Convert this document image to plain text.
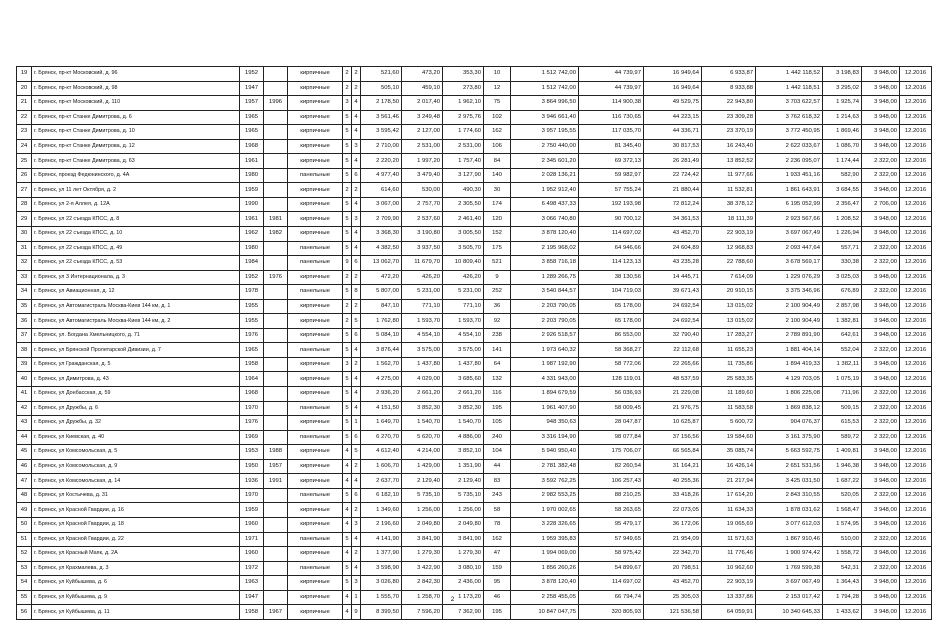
19	г. Брянск, пр-кт Московский, д. 96	1952		кирпичные	2	2	521,60	473,20	353,30	10	1 512 742,00	44 739,97	16 949,64	6 933,87	1 442 118,52	3 198,83	3 948,00	12.2016
20	г. Брянск, пр-кт Московский, д. 98	1947		кирпичные	2	2	505,10	459,10	273,80	12	1 512 742,00	44 739,97	16 949,64	8 933,88	1 442 118,51	3 295,02	3 948,00	12.2016
21	г. Брянск, пр-кт Московский, д. 110	1957	1996	кирпичные	3	4	2 178,50	2 017,40	1 962,10	75	3 864 996,50	114 900,38	49 529,75	22 943,80	3 703 622,57	1 925,74	3 948,00	12.2016
22	г. Брянск, пр-кт Станке Димитрова, д. 6	1965		кирпичные	5	4	3 561,46	3 249,48	2 975,76	102	3 946 661,40	116 730,65	44 223,15	23 309,28	3 762 618,32	1 214,63	3 948,00	12.2016
23	г. Брянск, пр-кт Станке Димитрова, д. 10	1965		кирпичные	5	4	3 595,42	2 127,00	1 774,60	162	3 957 195,55	117 035,70	44 336,71	23 370,19	3 772 450,95	1 869,46	3 948,00	12.2016
24	г. Брянск, пр-кт Станке Димитрова, д. 12	1968		кирпичные	5	3	2 710,00	2 531,00	2 531,00	106	2 750 440,00	81 345,40	30 817,53	16 243,40	2 622 033,67	1 086,70	3 948,00	12.2016
25	г. Брянск, пр-кт Станке Димитрова, д. 63	1961		кирпичные	5	4	2 220,20	1 997,20	1 757,40	84	2 345 601,20	69 372,13	26 281,49	13 852,52	2 236 095,07	1 174,44	2 322,00	12.2016
26	г. Брянск, проезд Федюнинского, д. 4А	1980		панельные	5	6	4 977,40	3 479,40	3 127,90	140	2 028 136,21	59 982,97	22 724,42	11 977,66	1 933 451,16	582,90	2 322,00	12.2016
27	г. Брянск, ул 11 лет Октября, д. 2	1959		кирпичные	2	2	614,60	530,00	490,30	30	1 952 912,40	57 755,24	21 880,44	11 532,81	1 861 643,91	3 684,55	3 948,00	12.2016
28	г. Брянск, ул 2-я Аллея, д. 12А	1990		кирпичные	5	4	3 067,00	2 757,70	2 305,50	174	6 498 437,33	192 193,98	72 812,24	38 378,12	6 195 052,99	2 356,47	2 706,00	12.2016
29	г. Брянск, ул 22 съезда КПСС, д. 8	1961	1981	кирпичные	5	3	2 709,90	2 537,60	2 461,40	120	3 066 740,80	90 700,12	34 361,53	18 111,39	2 923 567,66	1 208,52	3 948,00	12.2016
30	г. Брянск, ул 22 съезда КПСС, д. 10	1962	1982	кирпичные	5	4	3 368,30	3 190,80	3 005,50	152	3 878 120,40	114 697,02	43 452,70	22 903,19	3 697 067,49	1 226,94	3 948,00	12.2016
31	г. Брянск, ул 22 съезда КПСС, д. 49	1980		панельные	5	4	4 382,50	3 937,50	3 505,70	175	2 195 968,02	64 946,66	24 604,89	12 968,83	2 093 447,64	557,71	2 322,00	12.2016
32	г. Брянск, ул 22 съезда КПСС, д. 53	1984		панельные	9	6	13 062,70	11 679,70	10 809,40	521	3 858 716,18	114 123,13	43 235,28	22 788,60	3 678 569,17	330,38	2 322,00	12.2016
33	г. Брянск, ул 3 Интернационала, д. 3	1952	1976	кирпичные	2	2	472,20	426,20	426,20	9	1 289 266,75	38 130,56	14 445,71	7 614,09	1 229 076,29	3 025,03	3 948,00	12.2016
34	г. Брянск, ул Авиационная, д. 12	1978		панельные	5	8	5 807,00	5 231,00	5 231,00	252	3 540 844,57	104 719,03	39 671,43	20 910,15	3 375 346,96	676,89	2 322,00	12.2016
35	г. Брянск, ул Автомагистраль Москва-Киев 144 км, д. 1	1955		кирпичные	2	2	847,10	771,10	771,10	36	2 203 790,05	65 178,00	24 692,54	13 015,02	2 100 904,49	2 857,98	3 948,00	12.2016
36	г. Брянск, ул Автомагистраль Москва-Киев 144 км, д. 2	1955		кирпичные	2	5	1 762,80	1 593,70	1 593,70	92	2 203 790,05	65 178,00	24 692,54	13 015,02	2 100 904,49	1 382,81	3 948,00	12.2016
37	г. Брянск, ул. Богдана Хмельницкого, д. 71	1976		кирпичные	5	6	5 084,10	4 554,10	4 554,10	238	2 926 518,57	86 553,00	32 790,40	17 283,27	2 789 891,90	642,61	3 948,00	12.2016
38	г. Брянск, ул Брянской Пролетарской Дивизии, д. 7	1965		панельные	5	4	3 876,44	3 575,00	3 575,00	141	1 973 640,32	58 368,27	22 112,68	11 655,23	1 881 404,14	552,04	2 322,00	12.2016
39	г. Брянск, ул Гражданская, д. 5	1958		кирпичные	3	2	1 562,70	1 437,80	1 437,80	64	1 987 192,90	58 772,06	22 265,66	11 735,86	1 894 419,33	1 382,11	3 948,00	12.2016
40	г. Брянск, ул Димитрова, д. 43	1964		кирпичные	5	4	4 275,00	4 029,00	3 685,60	132	4 331 943,00	128 119,01	48 537,59	25 583,35	4 129 703,05	1 075,19	3 948,00	12.2016
41	г. Брянск, ул Донбасская, д. 59	1968		кирпичные	5	4	2 936,20	2 661,20	2 661,20	116	1 894 679,59	56 036,93	21 229,08	11 189,60	1 806 225,08	711,96	2 322,00	12.2016
42	г. Брянск, ул Дружбы, д. 6	1970		панельные	5	4	4 151,50	3 852,30	3 852,30	195	1 961 407,90	58 009,45	21 976,75	11 583,58	1 869 838,12	509,15	2 322,00	12.2016
43	г. Брянск, ул Дружбы, д. 32	1976		кирпичные	5	1	1 649,70	1 540,70	1 540,70	105	948 350,63	28 047,87	10 625,87	5 600,72	904 076,37	615,53	2 322,00	12.2016
44	г. Брянск, ул Киевская, д. 40	1969		панельные	5	6	6 270,70	5 620,70	4 886,00	240	3 316 194,90	98 077,84	37 156,56	19 584,60	3 161 375,90	589,72	2 322,00	12.2016
45	г. Брянск, ул Комсомольская, д. 5	1953	1988	кирпичные	4	5	4 612,40	4 214,00	3 852,10	104	5 940 950,40	175 706,07	66 565,84	35 085,74	5 663 592,75	1 409,81	3 948,00	12.2016
46	г. Брянск, ул Комсомольская, д. 9	1950	1957	кирпичные	4	2	1 606,70	1 429,00	1 351,90	44	2 781 382,48	82 260,54	31 164,21	16 426,14	2 651 531,56	1 946,38	3 948,00	12.2016
47	г. Брянск, ул Комсомольская, д. 14	1936	1991	кирпичные	4	4	2 637,70	2 129,40	2 129,40	83	3 592 762,25	106 257,43	40 255,36	21 217,94	3 425 031,50	1 687,22	3 948,00	12.2016
48	г. Брянск, ул Костычева, д. 31	1970		панельные	5	6	6 182,10	5 735,10	5 735,10	243	2 982 553,25	88 210,25	33 418,26	17 614,20	2 843 310,55	520,05	2 322,00	12.2016
49	г. Брянск, ул Красной Гвардии, д. 16	1959		кирпичные	4	2	1 349,60	1 256,00	1 256,00	58	1 970 002,65	58 263,65	22 073,05	11 634,33	1 878 031,62	1 568,47	3 948,00	12.2016
50	г. Брянск, ул Красной Гвардии, д. 18	1960		кирпичные	4	3	2 196,60	2 049,80	2 049,80	78	3 228 326,65	95 479,17	36 172,06	19 065,69	3 077 612,03	1 574,95	3 948,00	12.2016
51	г. Брянск, ул Красной Гвардии, д. 22	1971		панельные	5	4	4 141,90	3 841,90	3 841,90	162	1 959 395,83	57 949,65	21 954,09	11 571,63	1 867 910,46	510,00	2 322,00	12.2016
52	г. Брянск, ул Красный Маяк, д. 2А	1960		кирпичные	4	2	1 377,90	1 279,30	1 279,30	47	1 994 069,00	58 975,42	22 342,70	11 776,46	1 900 974,42	1 558,72	3 948,00	12.2016
53	г. Брянск, ул Крахмалева, д. 3	1972		панельные	5	4	3 598,90	3 422,90	3 080,10	159	1 856 260,26	54 899,67	20 798,51	10 962,60	1 769 599,38	542,31	2 322,00	12.2016
54	г. Брянск, ул Куйбышева, д. 6	1963		кирпичные	5	3	3 026,80	2 842,30	2 436,00	95	3 878 120,40	114 697,02	43 452,70	22 903,19	3 697 067,49	1 364,43	3 948,00	12.2016
55	г. Брянск, ул Куйбышева, д. 9	1947		кирпичные	4	1	1 555,70	1 258,70	1 173,20	46	2 258 455,05	66 794,74	25 305,03	13 337,86	2 153 017,42	1 794,28	3 948,00	12.2016
56	г. Брянск, ул Куйбышева, д. 11	1958	1967	кирпичные	4	9	8 399,50	7 596,20	7 362,90	195	10 847 047,75	320 805,93	121 536,58	64 059,91	10 340 645,33	1 433,62	3 948,00	12.2016
2
